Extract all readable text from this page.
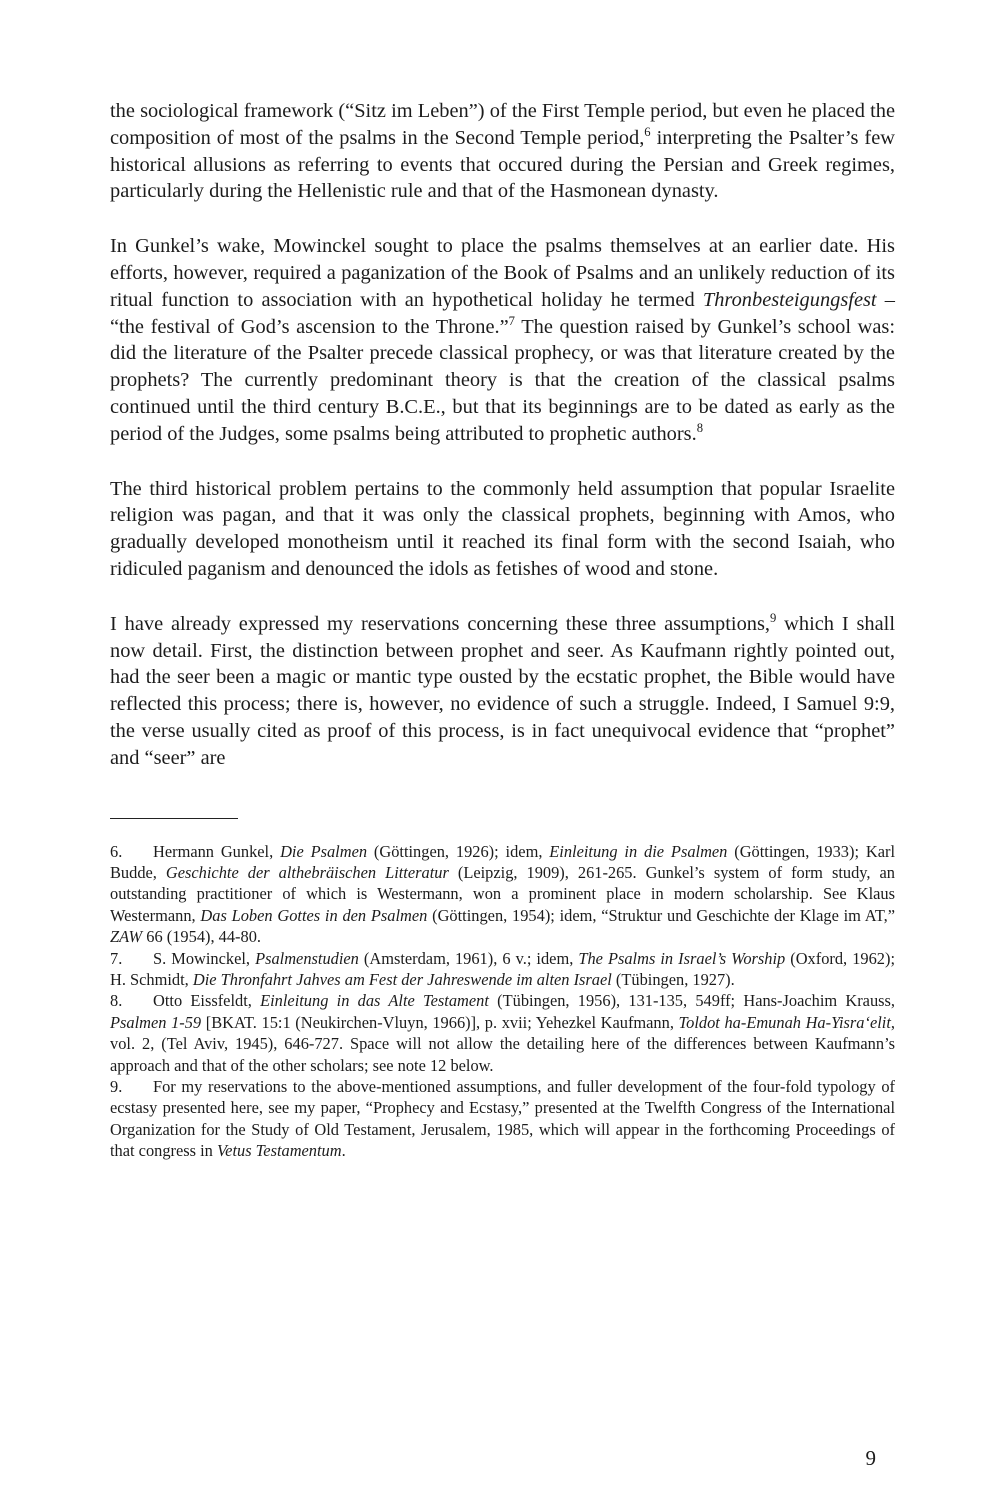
the sociological framework (“Sitz im Leben”) of the First Temple period, but even he placed the composition of most of the psalms in the Second Temple period,$^6$ interpreting the Psalter’s few historical allusions as referring to events that occured during the Persian and Greek regimes, particularly during the Hellenistic rule and that of the Hasmonean dynasty.

In Gunkel’s wake, Mowinckel sought to place the psalms themselves at an earlier date. His efforts, however, required a paganization of the Book of Psalms and an unlikely reduction of its ritual function to association with an hypothetical holiday he termed Thronbesteigungsfest – “the festival of God’s ascension to the Throne.”$^7$ The question raised by Gunkel’s school was: did the literature of the Psalter precede classical prophecy, or was that literature created by the prophets? The currently predominant theory is that the creation of the classical psalms continued until the third century B.C.E., but that its beginnings are to be dated as early as the period of the Judges, some psalms being attributed to prophetic authors.$^8$

The third historical problem pertains to the commonly held assumption that popular Israelite religion was pagan, and that it was only the classical prophets, beginning with Amos, who gradually developed monotheism until it reached its final form with the second Isaiah, who ridiculed paganism and denounced the idols as fetishes of wood and stone.

I have already expressed my reservations concerning these three assumptions,$^9$ which I shall now detail. First, the distinction between prophet and seer. As Kaufmann rightly pointed out, had the seer been a magic or mantic type ousted by the ecstatic prophet, the Bible would have reflected this process; there is, however, no evidence of such a struggle. Indeed, I Samuel 9:9, the verse usually cited as proof of this process, is in fact unequivocal evidence that “prophet” and “seer” are

6. Hermann Gunkel, Die Psalmen (Göttingen, 1926); idem, Einleitung in die Psalmen (Göttingen, 1933); Karl Budde, Geschichte der althebräischen Litteratur (Leipzig, 1909), 261-265. Gunkel’s system of form study, an outstanding practitioner of which is Westermann, won a prominent place in modern scholarship. See Klaus Westermann, Das Loben Gottes in den Psalmen (Göttingen, 1954); idem, “Struktur und Geschichte der Klage im AT,” ZAW 66 (1954), 44-80.

7. S. Mowinckel, Psalmenstudien (Amsterdam, 1961), 6 v.; idem, The Psalms in Israel’s Worship (Oxford, 1962); H. Schmidt, Die Thronfahrt Jahves am Fest der Jahreswende im alten Israel (Tübingen, 1927).

8. Otto Eissfeldt, Einleitung in das Alte Testament (Tübingen, 1956), 131-135, 549ff; Hans-Joachim Krauss, Psalmen 1-59 [BKAT. 15:1 (Neukirchen-Vluyn, 1966)], p. xvii; Yehezkel Kaufmann, Toldot ha-Emunah Ha-Yisra‘elit, vol. 2, (Tel Aviv, 1945), 646-727. Space will not allow the detailing here of the differences between Kaufmann’s approach and that of the other scholars; see note 12 below.

9. For my reservations to the above-mentioned assumptions, and fuller development of the four-fold typology of ecstasy presented here, see my paper, “Prophecy and Ecstasy,” presented at the Twelfth Congress of the International Organization for the Study of Old Testament, Jerusalem, 1985, which will appear in the forthcoming Proceedings of that congress in Vetus Testamentum.

9
